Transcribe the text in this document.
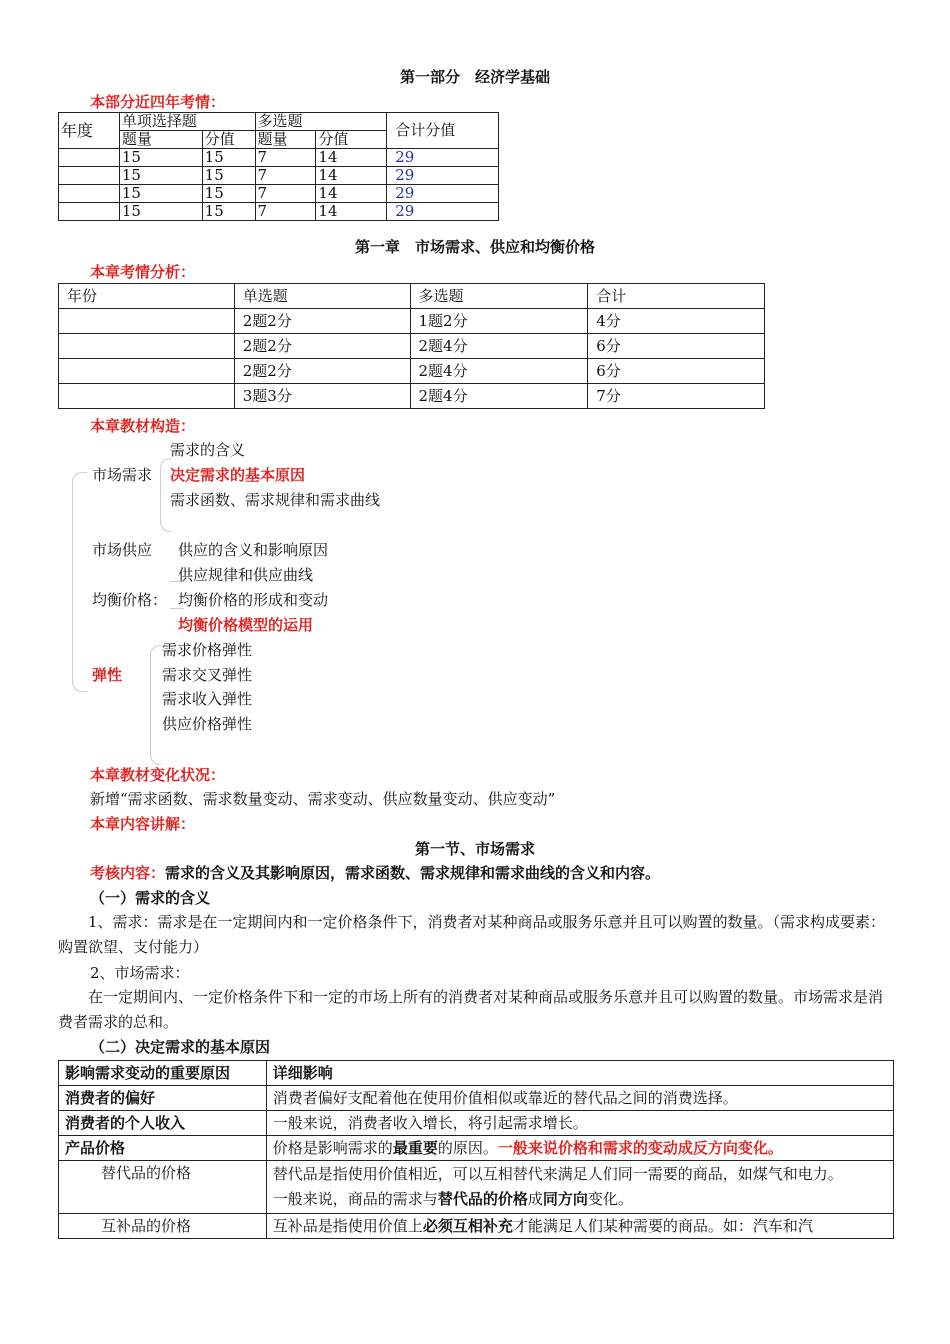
第一部分　经济学基础
本部分近四年考情：
年度	单项选择题		多选题		合计分值
	题量	分值	题量	分值	
	15	15	7	14	29
	15	15	7	14	29
	15	15	7	14	29
	15	15	7	14	29
第一章　市场需求、供应和均衡价格
本章考情分析：
年份	单选题	多选题	合计
	2题2分	1题2分	4分
	2题2分	2题4分	6分
	2题2分	2题4分	6分
	3题3分	2题4分	7分
本章教材构造：
需求的含义
市场需求 决定需求的基本原因
需求函数、需求规律和需求曲线
市场供应 供应的含义和影响原因
供应规律和供应曲线
均衡价格： 均衡价格的形成和变动
均衡价格模型的运用
需求价格弹性
弹性	需求交叉弹性
需求收入弹性
供应价格弹性
本章教材变化状况：
新增“需求函数、需求数量变动、需求变动、供应数量变动、供应变动”
本章内容讲解：
第一节、市场需求
考核内容：需求的含义及其影响原因，需求函数、需求规律和需求曲线的含义和内容。
（一）需求的含义
1、需求：需求是在一定期间内和一定价格条件下，消费者对某种商品或服务乐意并且可以购置的数量。（需求构成要素：购置欲望、支付能力）
2、市场需求：
在一定期间内、一定价格条件下和一定的市场上所有的消费者对某种商品或服务乐意并且可以购置的数量。市场需求是消费者需求的总和。
（二）决定需求的基本原因
影响需求变动的重要原因	详细影响
消费者的偏好	消费者偏好支配着他在使用价值相似或靠近的替代品之间的消费选择。
消费者的个人收入	一般来说，消费者收入增长，将引起需求增长。
产品价格	价格是影响需求的最重要的原因。一般来说价格和需求的变动成反方向变化。
替代品的价格	替代品是指使用价值相近，可以互相替代来满足人们同一需要的商品，如煤气和电力。
一般来说，商品的需求与替代品的价格成同方向变化。

互补品的价格	互补品是指使用价值上必须互相补充才能满足人们某种需要的商品。如：汽车和汽
